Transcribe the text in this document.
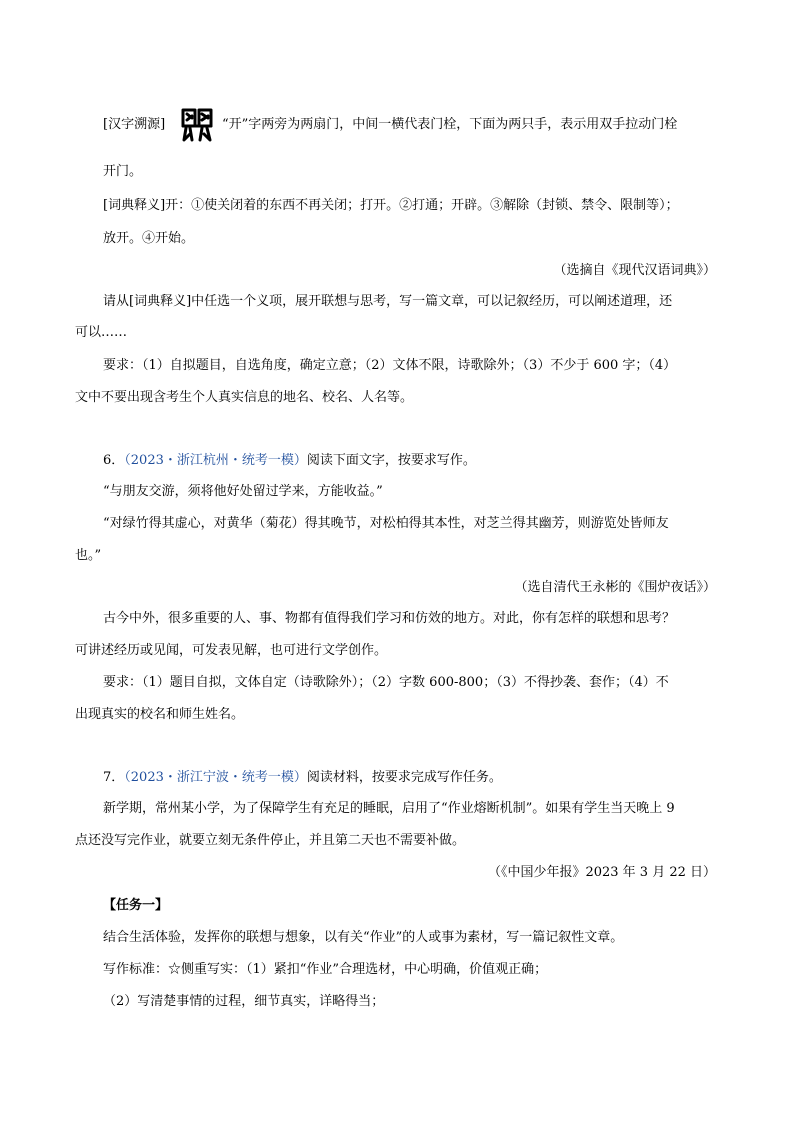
[汉字溯源]	“开”字两旁为两扇门，中间一横代表门栓，下面为两只手，表示用双手拉动门栓

开门。

[词典释义]开：①使关闭着的东西不再关闭；打开。②打通；开辟。③解除（封锁、禁令、限制等）；

放开。④开始。

（选摘自《现代汉语词典》）

请从[词典释义]中任选一个义项，展开联想与思考，写一篇文章，可以记叙经历，可以阐述道理，还

可以……

要求：（1）自拟题目，自选角度，确定立意；（2）文体不限，诗歌除外；（3）不少于 600 字；（4）

文中不要出现含考生个人真实信息的地名、校名、人名等。

6．（2023・浙江杭州・统考一模）阅读下面文字，按要求写作。

“与朋友交游，须将他好处留过学来，方能收益。”

“对绿竹得其虚心，对黄华（菊花）得其晚节，对松柏得其本性，对芝兰得其幽芳，则游览处皆师友

也。”

（选自清代王永彬的《围炉夜话》）

古今中外，很多重要的人、事、物都有值得我们学习和仿效的地方。对此，你有怎样的联想和思考？

可讲述经历或见闻，可发表见解，也可进行文学创作。

要求：（1）题目自拟，文体自定（诗歌除外）；（2）字数 600-800；（3）不得抄袭、套作；（4）不

出现真实的校名和师生姓名。

7．（2023・浙江宁波・统考一模）阅读材料，按要求完成写作任务。

新学期，常州某小学，为了保障学生有充足的睡眠，启用了“作业熔断机制”。如果有学生当天晚上 9

点还没写完作业，就要立刻无条件停止，并且第二天也不需要补做。

（《中国少年报》2023 年 3 月 22 日）

【任务一】

结合生活体验，发挥你的联想与想象，以有关“作业”的人或事为素材，写一篇记叙性文章。

写作标准：☆侧重写实：（1）紧扣“作业”合理选材，中心明确，价值观正确；

（2）写清楚事情的过程，细节真实，详略得当；
